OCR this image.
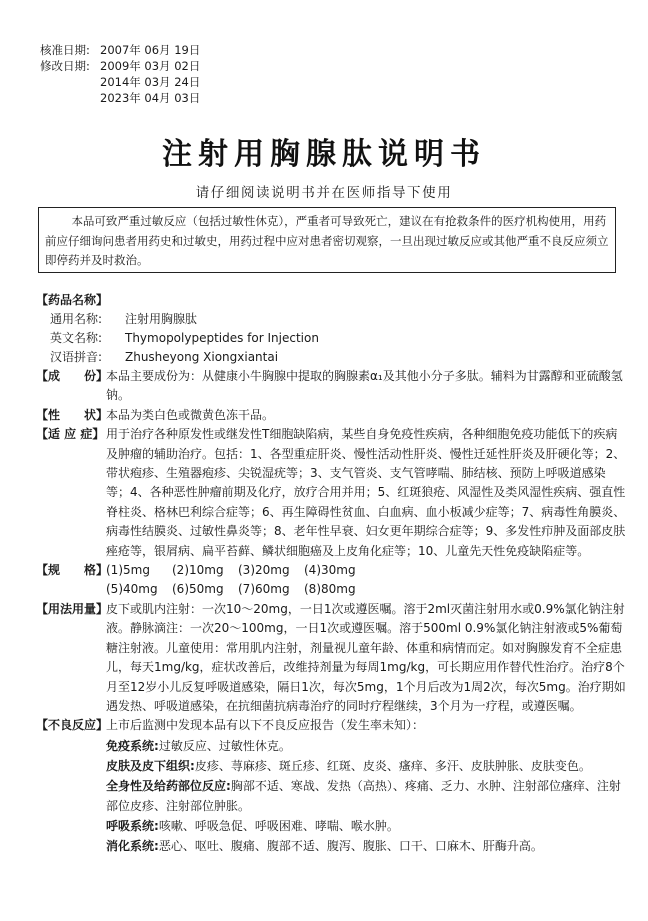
核准日期: 2007年 06月 19日
修改日期: 2009年 03月 02日
2014年 03月 24日
2023年 04月 03日
注射用胸腺肽说明书
请仔细阅读说明书并在医师指导下使用
本品可致严重过敏反应（包括过敏性休克），严重者可导致死亡，建议在有抢救条件的医疗机构使用，用药前应仔细询问患者用药史和过敏史，用药过程中应对患者密切观察，一旦出现过敏反应或其他严重不良反应须立即停药并及时救治。
【药品名称】
通用名称: 注射用胸腺肽
英文名称: Thymopolypeptides for Injection
汉语拼音: Zhusheyong Xiongxiantai
【成　　份】
本品主要成份为：从健康小牛胸腺中提取的胸腺素α₁及其他小分子多肽。辅料为甘露醇和亚硫酸氢钠。
【性　　状】
本品为类白色或微黄色冻干品。
【适 应 症】 用于治疗各种原发性或继发性T细胞缺陷病，某些自身免疫性疾病，各种细胞免疫功能低下的疾病及肿瘤的辅助治疗。包括：1、各型重症肝炎、慢性活动性肝炎、慢性迁延性肝炎及肝硬化等；2、带状疱疹、生殖器疱疹、尖锐湿疣等；3、支气管炎、支气管哮喘、肺结核、预防上呼吸道感染等；4、各种恶性肿瘤前期及化疗，放疗合用并用；5、红斑狼疮、风湿性及类风湿性疾病、强直性脊柱炎、格林巴利综合症等；6、再生障碍性贫血、白血病、血小板减少症等；7、病毒性角膜炎、病毒性结膜炎、过敏性鼻炎等；8、老年性早衰、妇女更年期综合症等；9、多发性疖肿及面部皮肤痤疮等，银屑病、扁平苔藓、鳞状细胞癌及上皮角化症等；10、儿童先天性免疫缺陷症等。
【规　　格】
(1)5mg	(2)10mg	(3)20mg	(4)30mg
(5)40mg	(6)50mg	(7)60mg	(8)80mg
【用法用量】
皮下或肌内注射：一次10～20mg，一日1次或遵医嘱。溶于2ml灭菌注射用水或0.9%氯化钠注射液。静脉滴注：一次20～100mg，一日1次或遵医嘱。溶于500ml 0.9%氯化钠注射液或5%葡萄糖注射液。儿童使用：常用肌内注射，剂量视儿童年龄、体重和病情而定。如对胸腺发育不全症患儿，每天1mg/kg，症状改善后，改维持剂量为每周1mg/kg，可长期应用作替代性治疗。治疗8个月至12岁小儿反复呼吸道感染，隔日1次，每次5mg，1个月后改为1周2次，每次5mg。治疗期如遇发热、呼吸道感染，在抗细菌抗病毒治疗的同时疗程继续，3个月为一疗程，或遵医嘱。
【不良反应】
上市后监测中发现本品有以下不良反应报告（发生率未知）：
免疫系统:过敏反应、过敏性休克。
皮肤及皮下组织:皮疹、荨麻疹、斑丘疹、红斑、皮炎、瘙痒、多汗、皮肤肿胀、皮肤变色。
全身性及给药部位反应:胸部不适、寒战、发热（高热）、疼痛、乏力、水肿、注射部位瘙痒、注射部位皮疹、注射部位肿胀。
呼吸系统:咳嗽、呼吸急促、呼吸困难、哮喘、喉水肿。
消化系统:恶心、呕吐、腹痛、腹部不适、腹泻、腹胀、口干、口麻木、肝酶升高。
